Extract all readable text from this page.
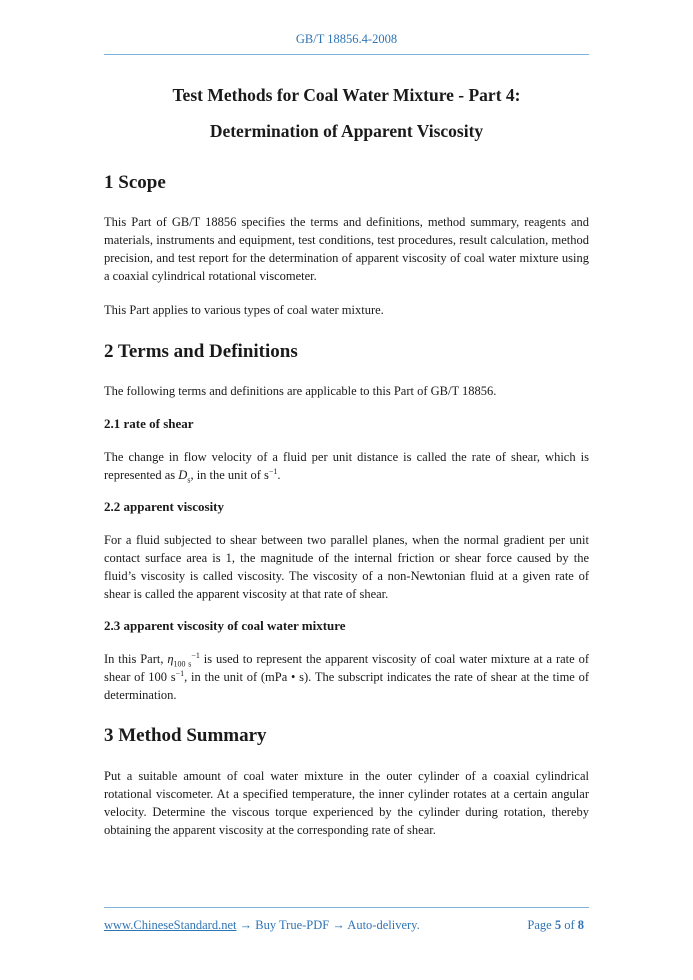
GB/T 18856.4-2008
Test Methods for Coal Water Mixture - Part 4:
Determination of Apparent Viscosity
1 Scope
This Part of GB/T 18856 specifies the terms and definitions, method summary, reagents and materials, instruments and equipment, test conditions, test procedures, result calculation, method precision, and test report for the determination of apparent viscosity of coal water mixture using a coaxial cylindrical rotational viscometer.
This Part applies to various types of coal water mixture.
2 Terms and Definitions
The following terms and definitions are applicable to this Part of GB/T 18856.
2.1 rate of shear
The change in flow velocity of a fluid per unit distance is called the rate of shear, which is represented as $D_s$, in the unit of $s^{-1}$.
2.2 apparent viscosity
For a fluid subjected to shear between two parallel planes, when the normal gradient per unit contact surface area is 1, the magnitude of the internal friction or shear force caused by the fluid’s viscosity is called viscosity. The viscosity of a non-Newtonian fluid at a given rate of shear is called the apparent viscosity at that rate of shear.
2.3 apparent viscosity of coal water mixture
In this Part, $\eta_{100 s}^{-1}$ is used to represent the apparent viscosity of coal water mixture at a rate of shear of 100 $s^{-1}$, in the unit of (mPa • s). The subscript indicates the rate of shear at the time of determination.
3 Method Summary
Put a suitable amount of coal water mixture in the outer cylinder of a coaxial cylindrical rotational viscometer. At a specified temperature, the inner cylinder rotates at a certain angular velocity. Determine the viscous torque experienced by the cylinder during rotation, thereby obtaining the apparent viscosity at the corresponding rate of shear.
www.ChineseStandard.net → Buy True-PDF → Auto-delivery.	Page 5 of 8
